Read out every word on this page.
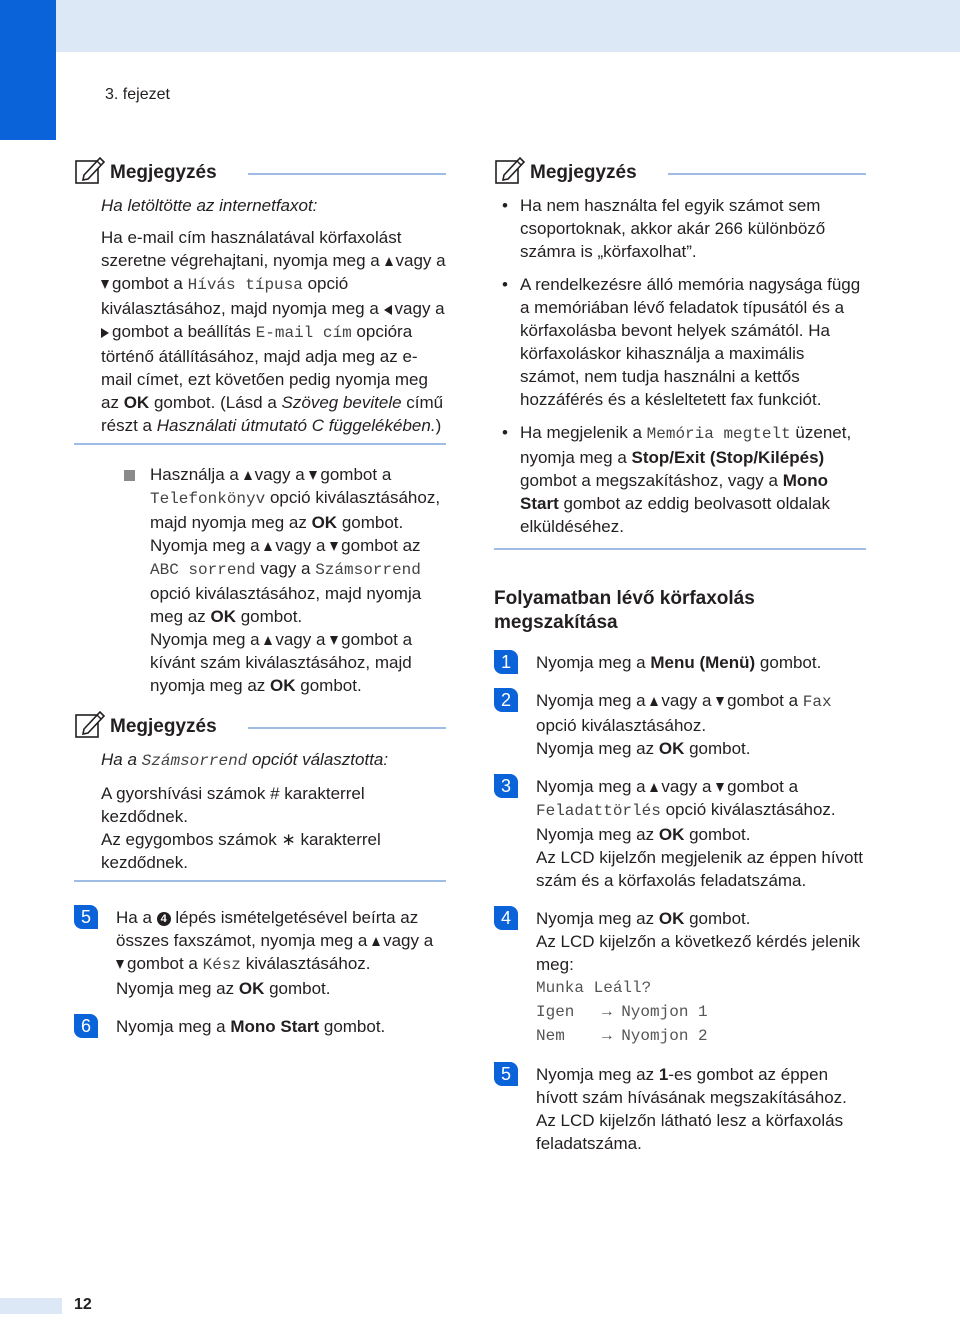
3. fejezet
Megjegyzés
Ha letöltötte az internetfaxot:
Ha e-mail cím használatával körfaxolást szeretne végrehajtani, nyomja meg a vagy a gombot a Hívás típusa opció kiválasztásához, majd nyomja meg a vagy a gombot a beállítás E-mail cím opcióra történő átállításához, majd adja meg az e-mail címet, ezt követően pedig nyomja meg az OK gombot. (Lásd a Szöveg bevitele című részt a Használati útmutató C függelékében.)
Használja a vagy a gombot a Telefonkönyv opció kiválasztásához, majd nyomja meg az OK gombot. Nyomja meg a vagy a gombot az ABC sorrend vagy a Számsorrend opció kiválasztásához, majd nyomja meg az OK gombot.
Nyomja meg a vagy a gombot a kívánt szám kiválasztásához, majd nyomja meg az OK gombot.
Megjegyzés
Ha a Számsorrend opciót választotta:
A gyorshívási számok # karakterrel kezdődnek.
Az egygombos számok ∗ karakterrel kezdődnek.
5	Ha a 4 lépés ismételgetésével beírta az összes faxszámot, nyomja meg a vagy a gombot a Kész kiválasztásához.
Nyomja meg az OK gombot.
6	Nyomja meg a Mono Start gombot.
Megjegyzés
• Ha nem használta fel egyik számot sem csoportoknak, akkor akár 266 különböző számra is „körfaxolhat”.
• A rendelkezésre álló memória nagysága függ a memóriában lévő feladatok típusától és a körfaxolásba bevont helyek számától. Ha körfaxoláskor kihasználja a maximális számot, nem tudja használni a kettős hozzáférés és a késleltetett fax funkciót.
• Ha megjelenik a Memória megtelt üzenet, nyomja meg a Stop/Exit (Stop/Kilépés) gombot a megszakításhoz, vagy a Mono Start gombot az eddig beolvasott oldalak elküldéséhez.
Folyamatban lévő körfaxolás megszakítása
1	Nyomja meg a Menu (Menü) gombot.
2	Nyomja meg a vagy a gombot a Fax opció kiválasztásához.
Nyomja meg az OK gombot.
3	Nyomja meg a vagy a gombot a Feladattörlés opció kiválasztásához.
Nyomja meg az OK gombot.
Az LCD kijelzőn megjelenik az éppen hívott szám és a körfaxolás feladatszáma.
4	Nyomja meg az OK gombot.
Az LCD kijelzőn a következő kérdés jelenik meg:
Munka Leáll?
Igen → Nyomjon 1
Nem → Nyomjon 2
5	Nyomja meg az 1-es gombot az éppen hívott szám hívásának megszakításához.
Az LCD kijelzőn látható lesz a körfaxolás feladatszáma.
12
